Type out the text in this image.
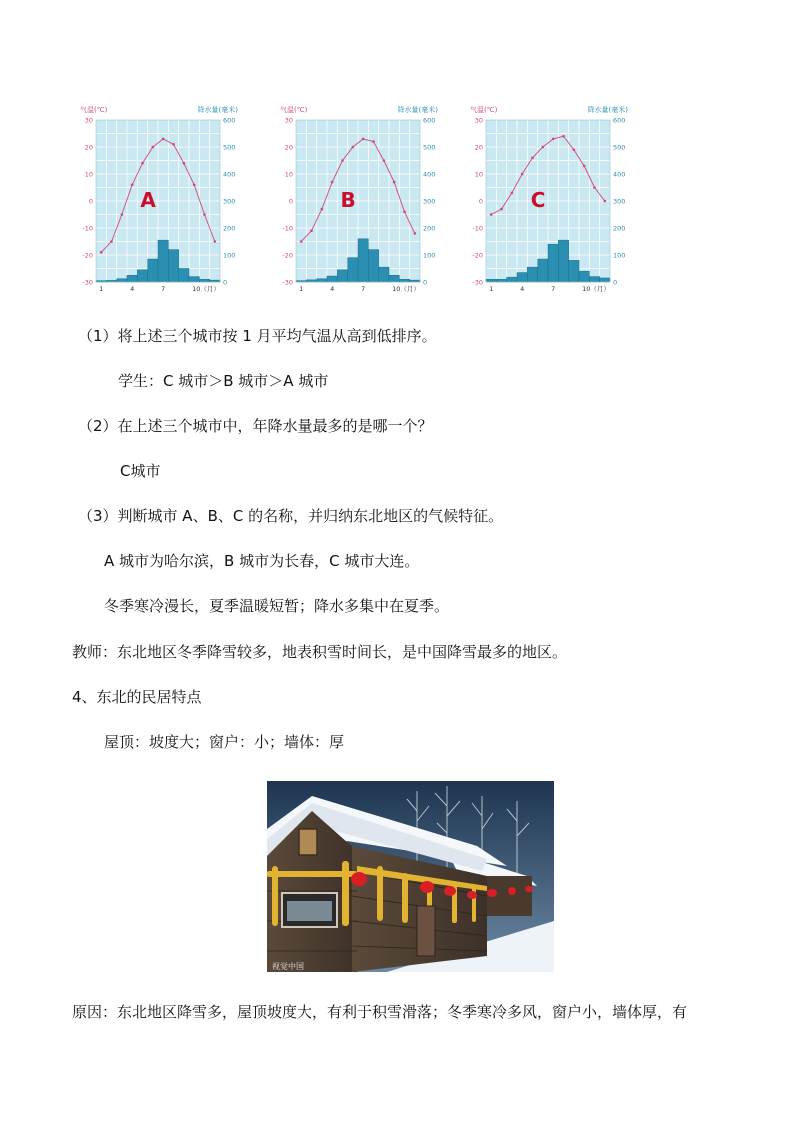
气温(℃)	降水量(毫米)
-30
-20
-10
0
10
20
30
0
100
200
300
400
500
600
1	4	7	10（月）
A
气温(℃)	降水量(毫米)
-30
-20
-10
0
10
20
30
0
100
200
300
400
500
600
1	4	7	10（月）
B
气温(℃)	降水量(毫米)
-30
-20
-10
0
10
20
30
0
100
200
300
400
500
600
1	4	7	10（月）
C
（1）将上述三个城市按 1 月平均气温从高到低排序。
学生：C 城市＞B 城市＞A 城市
（2）在上述三个城市中，年降水量最多的是哪一个？
C城市
（3）判断城市 A、B、C 的名称，并归纳东北地区的气候特征。
A 城市为哈尔滨，B 城市为长春，C 城市大连。
冬季寒冷漫长，夏季温暖短暂；降水多集中在夏季。
教师：东北地区冬季降雪较多，地表积雪时间长，是中国降雪最多的地区。
4、东北的民居特点
屋顶：坡度大；窗户：小；墙体：厚
视觉中国
原因：东北地区降雪多，屋顶坡度大，有利于积雪滑落；冬季寒冷多风，窗户小，墙体厚，有
